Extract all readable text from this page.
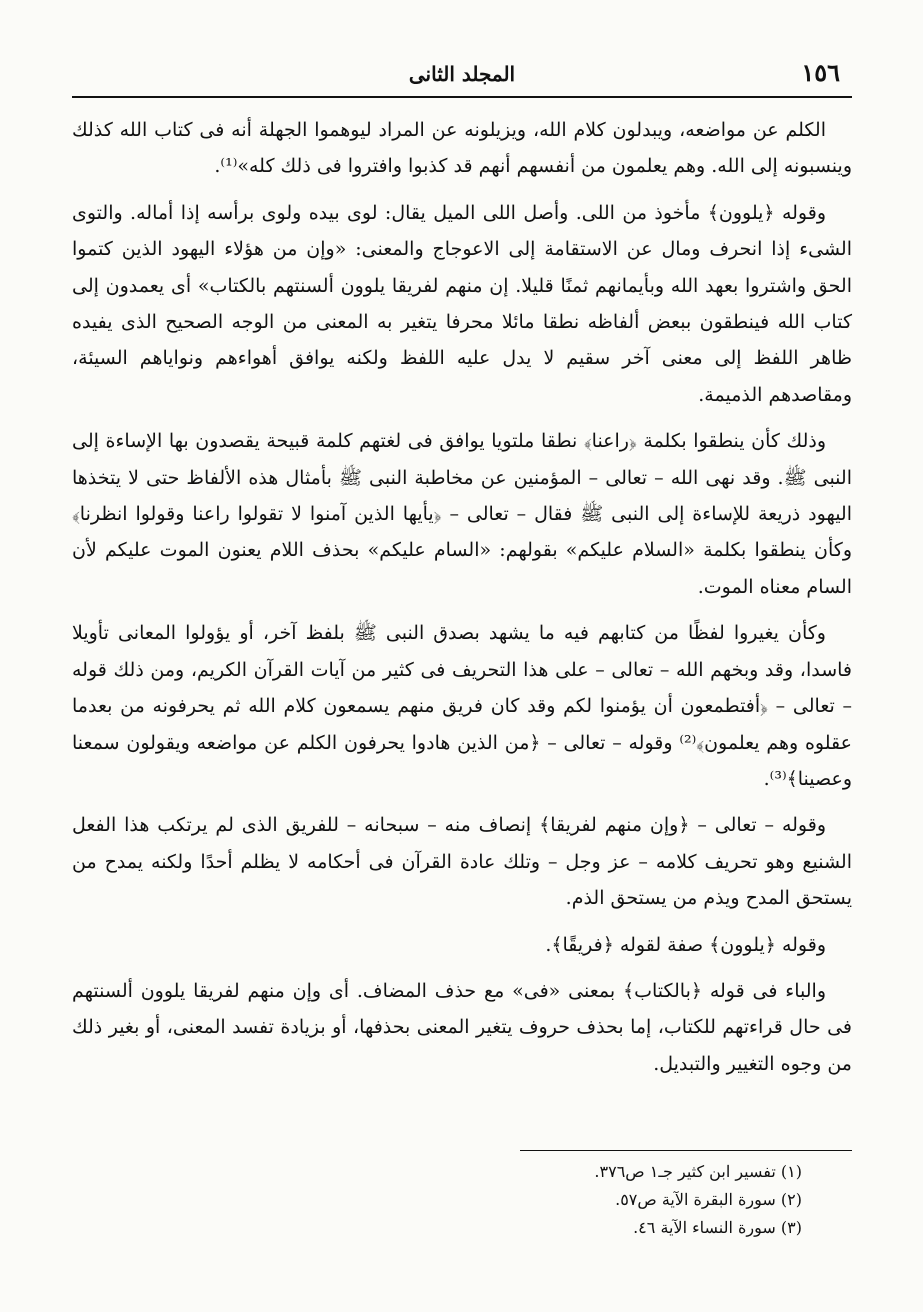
١٥٦
المجلد الثانى

الكلم عن مواضعه، ويبدلون كلام الله، ويزيلونه عن المراد ليوهموا الجهلة أنه فى كتاب الله كذلك وينسبونه إلى الله. وهم يعلمون من أنفسهم أنهم قد كذبوا وافتروا فى ذلك كله»⁽¹⁾.

وقوله ﴿يلوون﴾ مأخوذ من اللى. وأصل اللى الميل يقال: لوى بيده ولوى برأسه إذا أماله. والتوى الشىء إذا انحرف ومال عن الاستقامة إلى الاعوجاج والمعنى: «وإن من هؤلاء اليهود الذين كتموا الحق واشتروا بعهد الله وبأيمانهم ثمنًا قليلا. إن منهم لفريقا يلوون ألسنتهم بالكتاب» أى يعمدون إلى كتاب الله فينطقون ببعض ألفاظه نطقا مائلا محرفا يتغير به المعنى من الوجه الصحيح الذى يفيده ظاهر اللفظ إلى معنى آخر سقيم لا يدل عليه اللفظ ولكنه يوافق أهواءهم ونواياهم السيئة، ومقاصدهم الذميمة.

وذلك كأن ينطقوا بكلمة ﴿راعنا﴾ نطقا ملتويا يوافق فى لغتهم كلمة قبيحة يقصدون بها الإساءة إلى النبى ﷺ. وقد نهى الله – تعالى – المؤمنين عن مخاطبة النبى ﷺ بأمثال هذه الألفاظ حتى لا يتخذها اليهود ذريعة للإساءة إلى النبى ﷺ فقال – تعالى – ﴿يأيها الذين آمنوا لا تقولوا راعنا وقولوا انظرنا﴾ وكأن ينطقوا بكلمة «السلام عليكم» بقولهم: «السام عليكم» بحذف اللام يعنون الموت عليكم لأن السام معناه الموت.

وكأن يغيروا لفظًا من كتابهم فيه ما يشهد بصدق النبى ﷺ بلفظ آخر، أو يؤولوا المعانى تأويلا فاسدا، وقد وبخهم الله – تعالى – على هذا التحريف فى كثير من آيات القرآن الكريم، ومن ذلك قوله – تعالى – ﴿أفتطمعون أن يؤمنوا لكم وقد كان فريق منهم يسمعون كلام الله ثم يحرفونه من بعدما عقلوه وهم يعلمون﴾⁽²⁾ وقوله – تعالى – ﴿من الذين هادوا يحرفون الكلم عن مواضعه ويقولون سمعنا وعصينا﴾⁽³⁾.

وقوله – تعالى – ﴿وإن منهم لفريقا﴾ إنصاف منه – سبحانه – للفريق الذى لم يرتكب هذا الفعل الشنيع وهو تحريف كلامه – عز وجل – وتلك عادة القرآن فى أحكامه لا يظلم أحدًا ولكنه يمدح من يستحق المدح ويذم من يستحق الذم.

وقوله ﴿يلوون﴾ صفة لقوله ﴿فريقًا﴾.

والباء فى قوله ﴿بالكتاب﴾ بمعنى «فى» مع حذف المضاف. أى وإن منهم لفريقا يلوون ألسنتهم فى حال قراءتهم للكتاب، إما بحذف حروف يتغير المعنى بحذفها، أو بزيادة تفسد المعنى، أو بغير ذلك من وجوه التغيير والتبديل.

(١) تفسير ابن كثير جـ١ ص٣٧٦.
(٢) سورة البقرة الآية ص٥٧.
(٣) سورة النساء الآية ٤٦.
